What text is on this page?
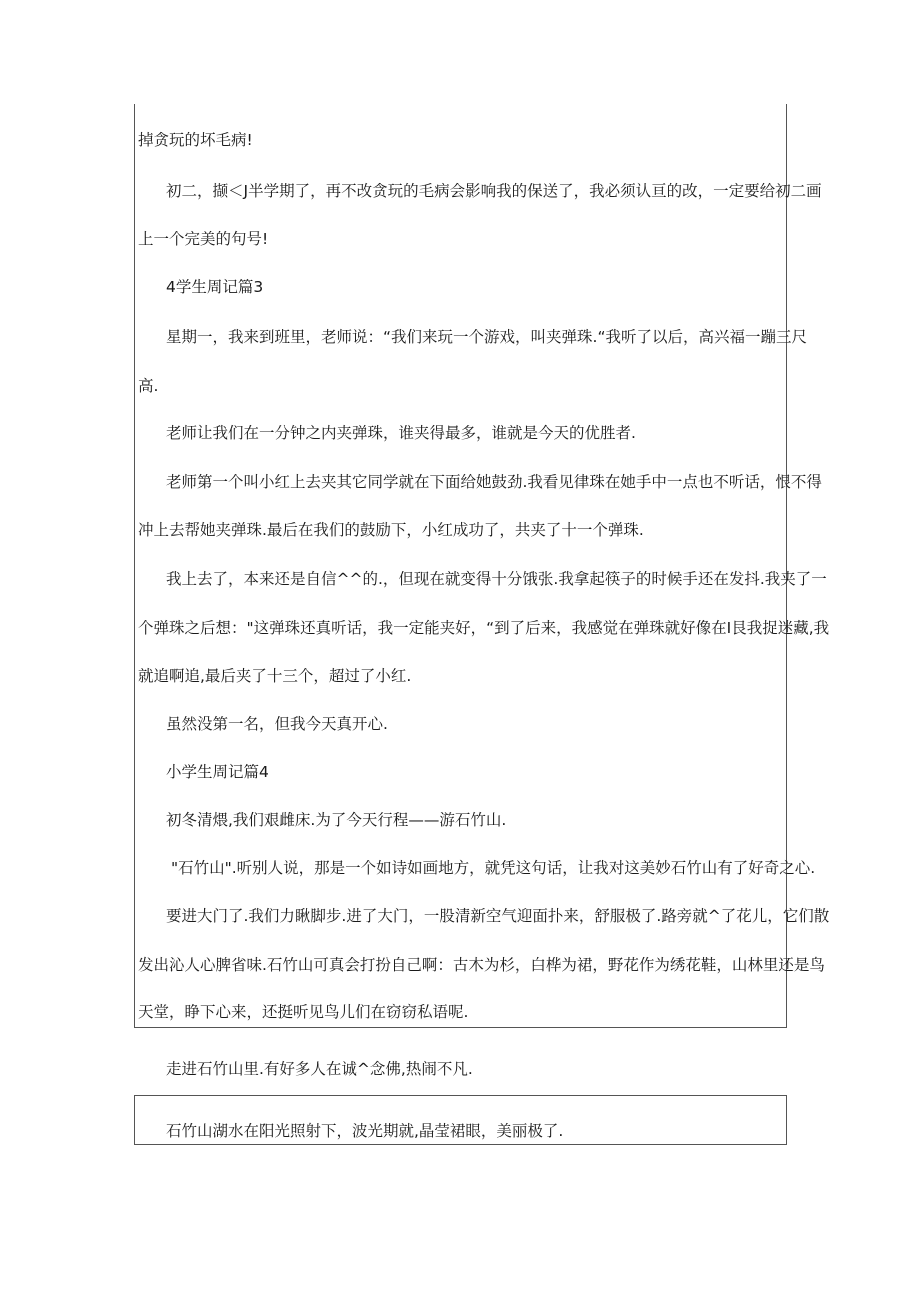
掉贪玩的坏毛病!

初二，撷＜J半学期了，再不改贪玩的毛病会影响我的保送了，我必须认亘的改，一定要给初二画

上一个完美的句号!

4学生周记篇3

星期一，我来到班里，老师说：“我们来玩一个游戏，叫夹弹珠.“我听了以后，高兴福一蹦三尺

高.

老师让我们在一分钟之内夹弹珠，谁夹得最多，谁就是今天的优胜者.

老师第一个叫小红上去夹其它同学就在下面给她鼓劲.我看见律珠在她手中一点也不听话，恨不得

冲上去帮她夹弹珠.最后在我们的鼓励下，小红成功了，共夹了十一个弹珠.

我上去了，本来还是自信^^的.，但现在就变得十分饿张.我拿起筷子的时候手还在发抖.我夹了一

个弹珠之后想："这弹珠还真听话，我一定能夹好，“到了后来，我感觉在弹珠就好像在I艮我捉迷藏,我

就追啊追,最后夹了十三个，超过了小红.

虽然没第一名，但我今天真开心.

小学生周记篇4

初冬清煨,我们艰雌床.为了今天行程——游石竹山.

"石竹山".听别人说，那是一个如诗如画地方，就凭这句话，让我对这美妙石竹山有了好奇之心.

要进大门了.我们力瞅脚步.进了大门，一股清新空气迎面扑来，舒服极了.路旁就^了花儿，它们散

发出沁人心脾省味.石竹山可真会打扮自己啊：古木为杉，白桦为裙，野花作为绣花鞋，山林里还是鸟

天堂，睁下心来，还挺听见鸟儿们在窃窃私语呢.

走进石竹山里.有好多人在诚^念佛,热闹不凡.

石竹山湖水在阳光照射下，波光期就,晶莹裙眼，美丽极了.
